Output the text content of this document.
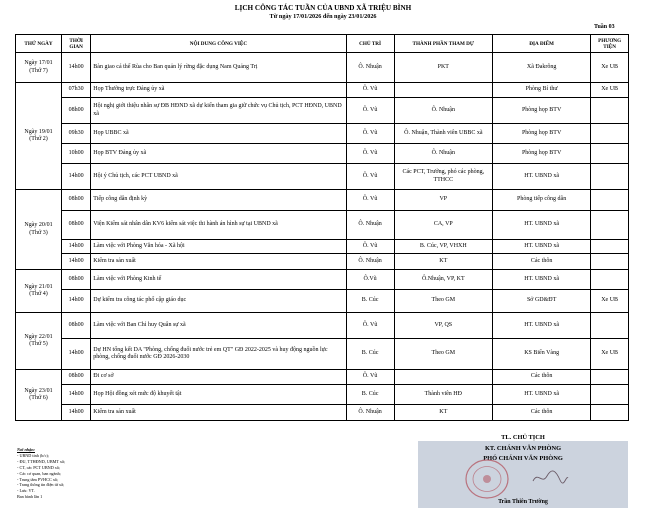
LỊCH CÔNG TÁC TUẦN CỦA UBND XÃ TRIỆU BÌNH
Từ ngày 17/01/2026 đến ngày 23/01/2026
Tuần 03
THỨ NGÀY	THỜI GIAN	NỘI DUNG CÔNG VIỆC	CHỦ TRÌ	THÀNH PHẦN THAM DỰ	ĐỊA ĐIỂM	PHƯƠNG TIỆN
Ngày 17/01
(Thứ 7)	14h00	Bàn giao cá thể Rùa cho Ban quản lý rừng đặc dụng Nam Quảng Trị	Ô. Nhuận	PKT	Xã Đakrông	Xe UB
Ngày 19/01
(Thứ 2)	07h30	Họp Thường trực Đảng ủy xã	Ô. Vũ		Phòng Bí thư	Xe UB
	08h00	Hội nghị giới thiệu nhân sự ĐB HĐND xã dự kiến tham gia giữ chức vụ Chủ tịch, PCT HĐND, UBND xã	Ô. Vũ	Ô. Nhuận	Phòng họp BTV	
	09h30	Họp UBBC xã	Ô. Vũ	Ô. Nhuận, Thành viên UBBC xã	Phòng họp BTV	
	10h00	Họp BTV Đảng ủy xã	Ô. Vũ	Ô. Nhuận	Phòng họp BTV	
	14h00	Hội ý Chủ tịch, các PCT UBND xã	Ô. Vũ	Các PCT, Trưởng, phó các phòng, TTHCC	HT. UBND xã	
Ngày 20/01
(Thứ 3)	08h00	Tiếp công dân định kỳ	Ô. Vũ	VP	Phòng tiếp công dân	
	08h00	Viện Kiểm sát nhân dân KV6 kiểm sát việc thi hành án hình sự tại UBND xã	Ô. Nhuận	CA, VP	HT. UBND xã	
	14h00	Làm việc với Phòng Văn hóa - Xã hội	Ô. Vũ	B. Cúc, VP, VHXH	HT. UBND xã	
	14h00	Kiểm tra sản xuất	Ô. Nhuận	KT	Các thôn	
Ngày 21/01
(Thứ 4)	08h00	Làm việc với Phòng Kinh tế	Ô.Vũ	Ô.Nhuận, VP, KT	HT. UBND xã	
	14h00	Dự kiểm tra công tác phổ cập giáo dục	B. Cúc	Theo GM	Sở GD&ĐT	Xe UB
Ngày 22/01
(Thứ 5)	08h00	Làm việc với Ban Chỉ huy Quân sự xã	Ô. Vũ	VP, QS	HT. UBND xã	
	14h00	Dự HN tổng kết DA "Phòng, chống đuối nước trẻ em QT" GĐ 2022-2025 và huy động nguồn lực phòng, chống đuối nước GĐ 2026-2030	B. Cúc	Theo GM	KS Biển Vàng	Xe UB
Ngày 23/01
(Thứ 6)	08h00	Đi cơ sở	Ô. Vũ		Các thôn	
	14h00	Họp Hội đồng xét mức độ khuyết tật	B. Cúc	Thành viên HĐ	HT. UBND xã	
	14h00	Kiểm tra sản xuất	Ô. Nhuận	KT	Các thôn	
Nơi nhận:
- UBND tỉnh (b/c);
- ĐU, TTHĐND, UBMT xã;
- CT, các PCT UBND xã;
- Các cơ quan, ban ngành;
- Trung tâm PVHCC xã;
- Trang thông tin điện tử xã;
- Lưu: VT.
Ban hành lần 1
TL. CHỦ TỊCH
KT. CHÁNH VĂN PHÒNG
PHÓ CHÁNH VĂN PHÒNG
Trần Thiên Trường
